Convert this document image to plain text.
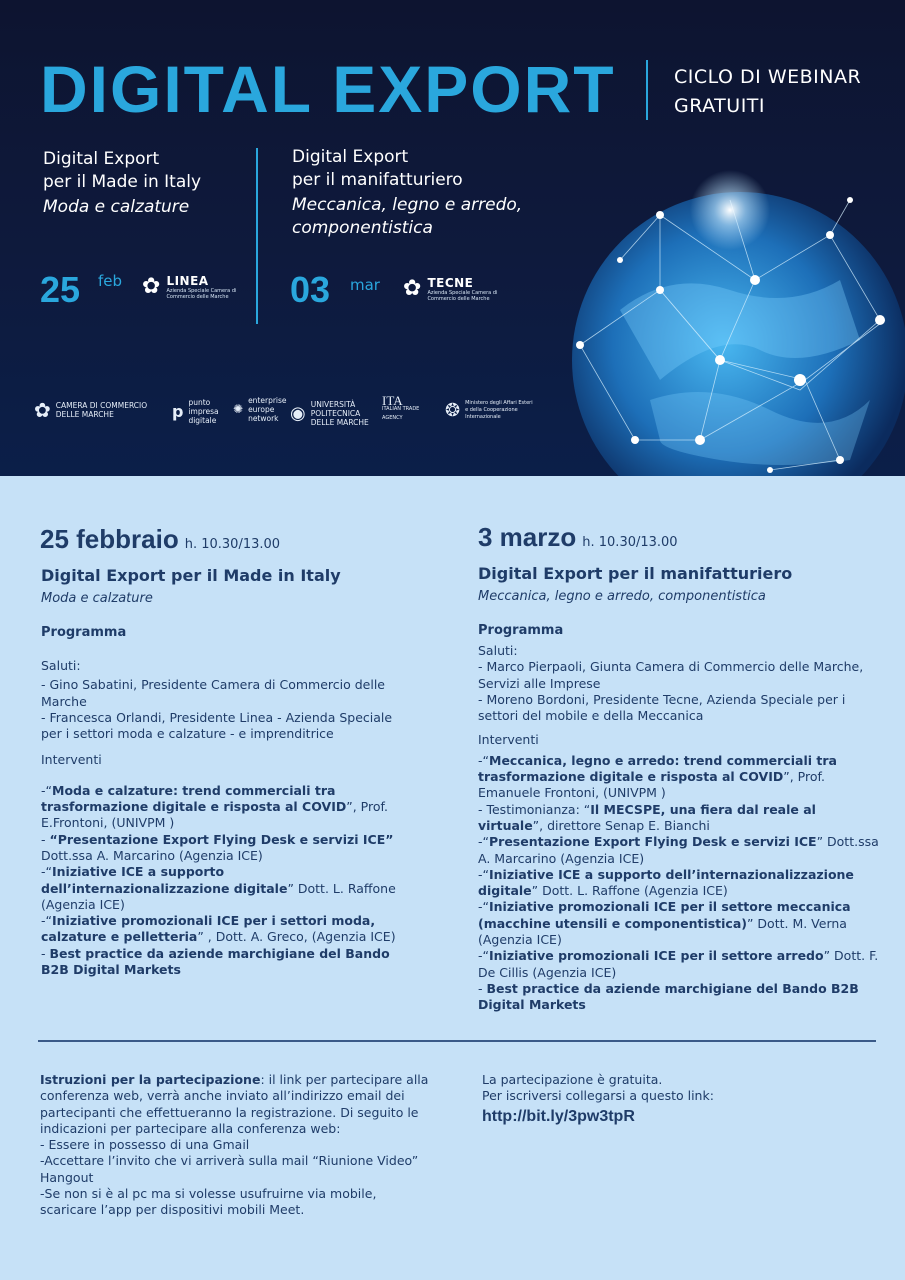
DIGITAL EXPORT	CICLO DI WEBINAR
GRATUITI
Digital Export
per il Made in Italy
Moda e calzature
25 feb ✿ LINEA
Azienda Speciale Camera di Commercio delle Marche
Digital Export
per il manifatturiero
Meccanica, legno e arredo,
componentistica
03 mar ✿ TECNE
Azienda Speciale Camera di Commercio delle Marche
✿ CAMERA DI COMMERCIO
DELLE MARCHE	p punto
impresa digitale
✺
enterprise
europe network ◉ UNIVERSITÀ POLITECNICA
DELLE MARCHE
ITA
ITALIAN TRADE AGENCY	❂ Ministero degli Affari Esteri
e della Cooperazione Internazionale
25 febbraio h. 10.30/13.00
Digital Export per il Made in Italy
Moda e calzature
Programma

Saluti:

- Gino Sabatini, Presidente Camera di Commercio delle Marche

- Francesca Orlandi, Presidente Linea - Azienda Speciale per i settori moda e calzature - e imprenditrice

Interventi

-“Moda e calzature: trend commerciali tra trasformazione digitale e risposta al COVID”, Prof. E.Frontoni, (UNIVPM )

- “Presentazione Export Flying Desk e servizi ICE” Dott.ssa A. Marcarino (Agenzia ICE)

-“Iniziative ICE a supporto dell’internazionalizzazione digitale” Dott. L. Raffone (Agenzia ICE)

-“Iniziative promozionali ICE per i settori moda, calzature e pelletteria” , Dott. A. Greco, (Agenzia ICE)

- Best practice da aziende marchigiane del Bando B2B Digital Markets

3 marzo h. 10.30/13.00
Digital Export per il manifatturiero
Meccanica, legno e arredo, componentistica
Programma

Saluti:

- Marco Pierpaoli, Giunta Camera di Commercio delle Marche, Servizi alle Imprese

- Moreno Bordoni, Presidente Tecne, Azienda Speciale per i settori del mobile e della Meccanica

Interventi

-“Meccanica, legno e arredo: trend commerciali tra trasformazione digitale e risposta al COVID”, Prof. Emanuele Frontoni, (UNIVPM )

- Testimonianza: “Il MECSPE, una fiera dal reale al virtuale”, direttore Senap E. Bianchi

-“Presentazione Export Flying Desk e servizi ICE” Dott.ssa A. Marcarino (Agenzia ICE)

-“Iniziative ICE a supporto dell’internazionalizzazione digitale” Dott. L. Raffone (Agenzia ICE)

-“Iniziative promozionali ICE per il settore meccanica (macchine utensili e componentistica)” Dott. M. Verna (Agenzia ICE)

-“Iniziative promozionali ICE per il settore arredo” Dott. F. De Cillis (Agenzia ICE)

- Best practice da aziende marchigiane del Bando B2B Digital Markets

Istruzioni per la partecipazione: il link per partecipare alla conferenza web, verrà anche inviato all’indirizzo email dei partecipanti che effettueranno la registrazione. Di seguito le indicazioni per partecipare alla conferenza web:

- Essere in possesso di una Gmail

-Accettare l’invito che vi arriverà sulla mail “Riunione Video” Hangout

-Se non si è al pc ma si volesse usufruirne via mobile, scaricare l’app per dispositivi mobili Meet.

La partecipazione è gratuita.

Per iscriversi collegarsi a questo link:

http://bit.ly/3pw3tpR
